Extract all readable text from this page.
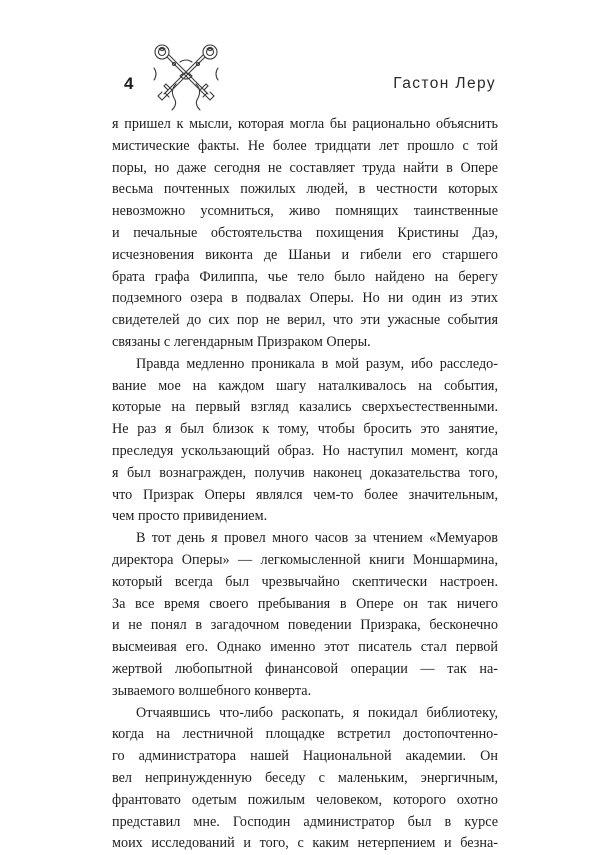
4	Гастон Леру

я пришел к мысли, которая могла бы рационально объяснить
мистические факты. Не более тридцати лет прошло с той
поры, но даже сегодня не составляет труда найти в Опере
весьма почтенных пожилых людей, в честности которых
невозможно усомниться, живо помнящих таинственные
и печальные обстоятельства похищения Кристины Даэ,
исчезновения виконта де Шаньи и гибели его старшего
брата графа Филиппа, чье тело было найдено на берегу
подземного озера в подвалах Оперы. Но ни один из этих
свидетелей до сих пор не верил, что эти ужасные события
связаны с легендарным Призраком Оперы.

Правда медленно проникала в мой разум, ибо расследо-
вание мое на каждом шагу наталкивалось на события,
которые на первый взгляд казались сверхъестественными.
Не раз я был близок к тому, чтобы бросить это занятие,
преследуя ускользающий образ. Но наступил момент, когда
я был вознагражден, получив наконец доказательства того,
что Призрак Оперы являлся чем-то более значительным,
чем просто привидением.

В тот день я провел много часов за чтением «Мемуаров
директора Оперы» — легкомысленной книги Моншармина,
который всегда был чрезвычайно скептически настроен.
За все время своего пребывания в Опере он так ничего
и не понял в загадочном поведении Призрака, бесконечно
высмеивая его. Однако именно этот писатель стал первой
жертвой любопытной финансовой операции — так на-
зываемого волшебного конверта.

Отчаявшись что-либо раскопать, я покидал библиотеку,
когда на лестничной площадке встретил достопочтенно-
го администратора нашей Национальной академии. Он
вел непринужденную беседу с маленьким, энергичным,
франтовато одетым пожилым человеком, которого охотно
представил мне. Господин администратор был в курсе
моих исследований и того, с каким нетерпением и безна-
